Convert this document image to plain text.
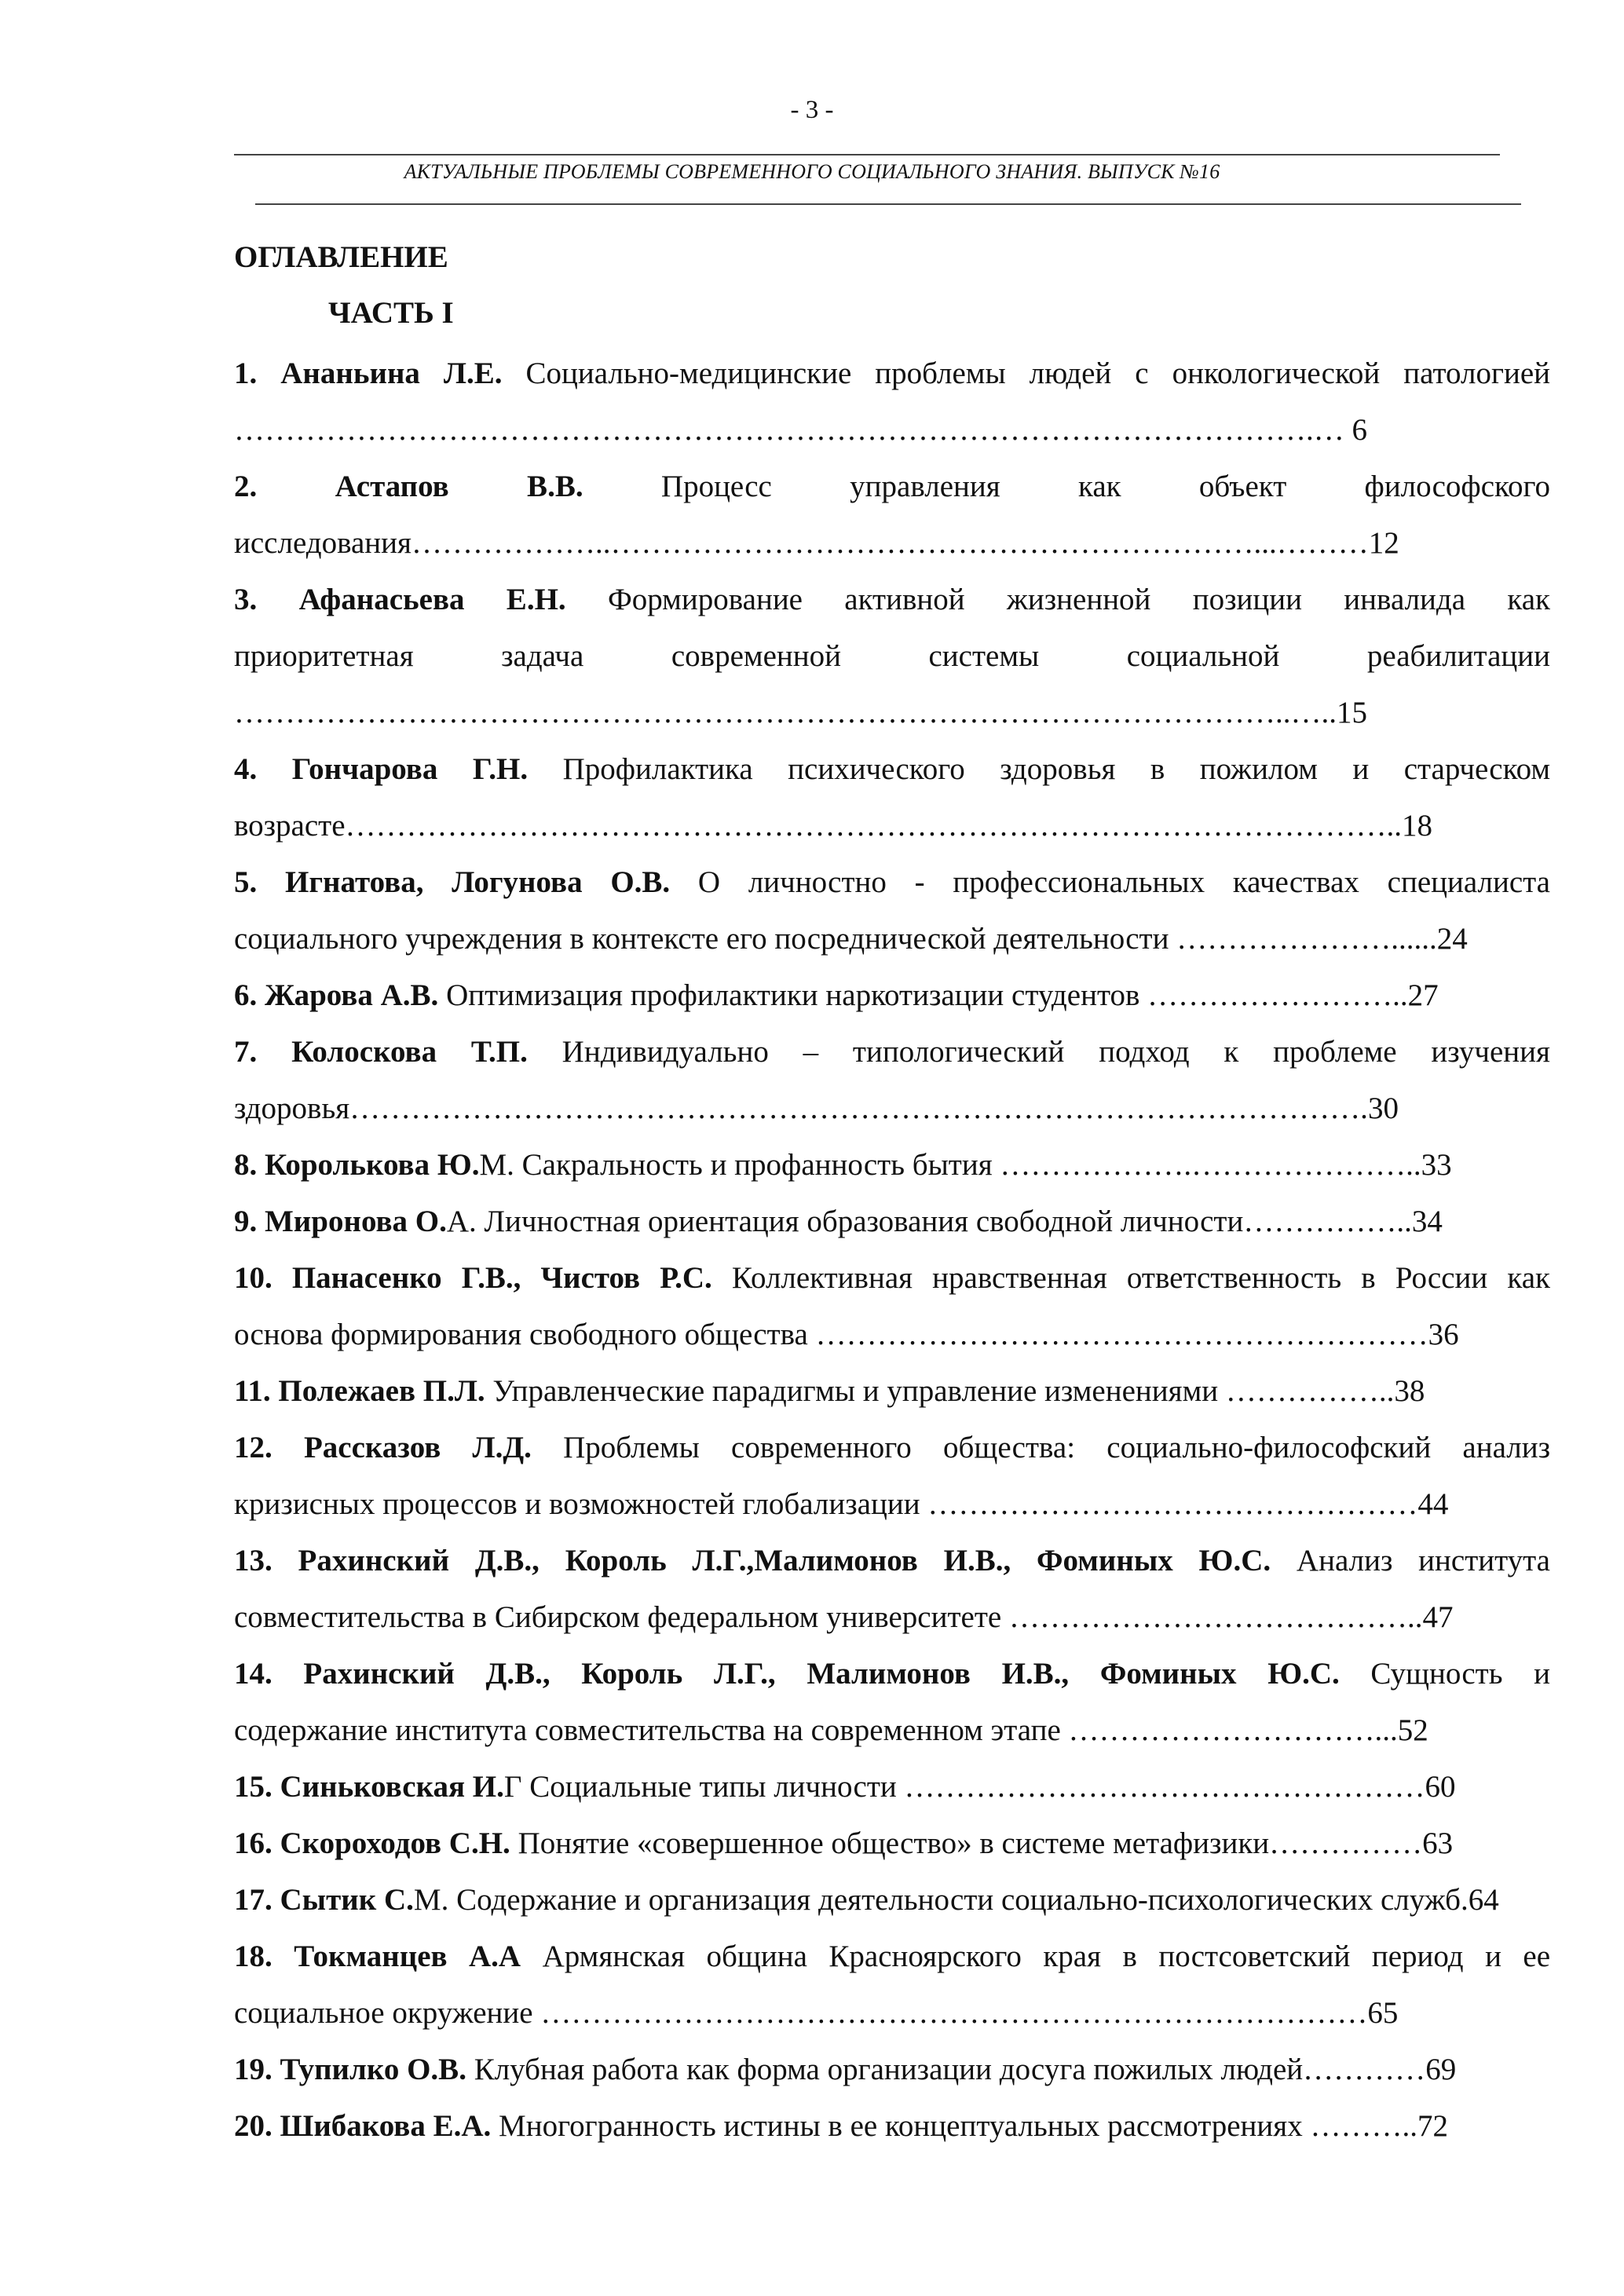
- 3 -
АКТУАЛЬНЫЕ ПРОБЛЕМЫ СОВРЕМЕННОГО СОЦИАЛЬНОГО ЗНАНИЯ. ВЫПУСК №16
ОГЛАВЛЕНИЕ
ЧАСТЬ I
1. Ананьина Л.Е. Социально-медицинские проблемы людей с онкологической патологией
…………………………………………………………………………………………….… 6
2.	Астапов В.В. Процесс управления как объект философского
исследования………………..………………………………………………………...………12
3. Афанасьева Е.Н. Формирование активной жизненной позиции инвалида как
приоритетная задача современной системы социальной реабилитации
…………………………………………………………………………………………..…..15
4. Гончарова Г.Н. Профилактика психического здоровья в пожилом и старческом
возрасте…………………………………………………………………………………………..18
5. Игнатова, Логунова О.В. О личностно - профессиональных качествах специалиста
социального учреждения в контексте его посреднической деятельности …………………......24
6. Жарова А.В. Оптимизация профилактики наркотизации студентов ……………………..27
7. Колоскова Т.П. Индивидуально – типологический подход к проблеме изучения
здоровья……………………………………………………………………………………….30
8. Королькова Ю.М. Сакральность и профанность бытия ……………….…………………..33
9. Миронова О.А. Личностная ориентация образования свободной личности……………..34
10. Панасенко Г.В., Чистов Р.С. Коллективная нравственная ответственность в России как
основа формирования свободного общества ……………………………………………………36
11. Полежаев П.Л. Управленческие парадигмы и управление изменениями ……………..38
12. Рассказов Л.Д. Проблемы современного общества: социально-философский анализ
кризисных процессов и возможностей глобализации …………………………………………44
13. Рахинский Д.В., Король Л.Г.,Малимонов И.В., Фоминых Ю.С. Анализ института
совместительства в Сибирском федеральном университете …………………………………..47
14. Рахинский Д.В., Король Л.Г., Малимонов И.В., Фоминых Ю.С. Сущность и
содержание института совместительства на современном этапе …………………………...52
15. Синьковская И.Г Социальные типы личности ……………………………………………60
16. Скороходов С.Н. Понятие «совершенное общество» в системе метафизики……………63
17. Сытик С.М. Содержание и организация деятельности социально-психологических служб.64
18. Токманцев А.А Армянская община Красноярского края в постсоветский период и ее
социальное окружение ………………………………………………………………………65
19. Тупилко О.В. Клубная работа как форма организации досуга пожилых людей…………69
20. Шибакова Е.А. Многогранность истины в ее концептуальных рассмотрениях ………..72
